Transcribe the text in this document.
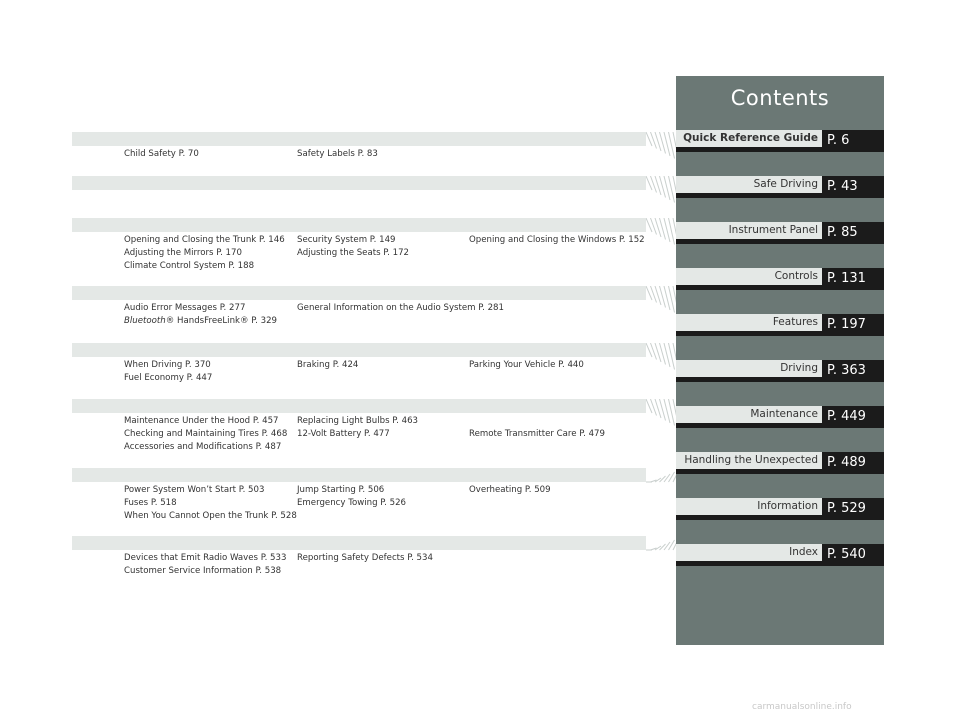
Child Safety P. 70	Safety Labels P. 83
Opening and Closing the Trunk P. 146 Security System P. 149	Opening and Closing the Windows P. 152
Adjusting the Mirrors P. 170	Adjusting the Seats P. 172
Climate Control System P. 188
Audio Error Messages P. 277	General Information on the Audio System P. 281
Bluetooth® HandsFreeLink® P. 329
When Driving P. 370	Braking P. 424	Parking Your Vehicle P. 440
Fuel Economy P. 447
Maintenance Under the Hood P. 457 Replacing Light Bulbs P. 463
Checking and Maintaining Tires P. 468 12-Volt Battery P. 477	Remote Transmitter Care P. 479
Accessories and Modifications P. 487
Power System Won’t Start P. 503	Jump Starting P. 506	Overheating P. 509
Fuses P. 518	Emergency Towing P. 526
When You Cannot Open the Trunk P. 528
Devices that Emit Radio Waves P. 533 Reporting Safety Defects P. 534
Customer Service Information P. 538
Contents
Quick Reference Guide P. 6
Safe Driving P. 43
Instrument Panel P. 85
Controls P. 131
Features P. 197
Driving P. 363
Maintenance P. 449
Handling the Unexpected P. 489
Information P. 529
Index P. 540
carmanualsonline.info
